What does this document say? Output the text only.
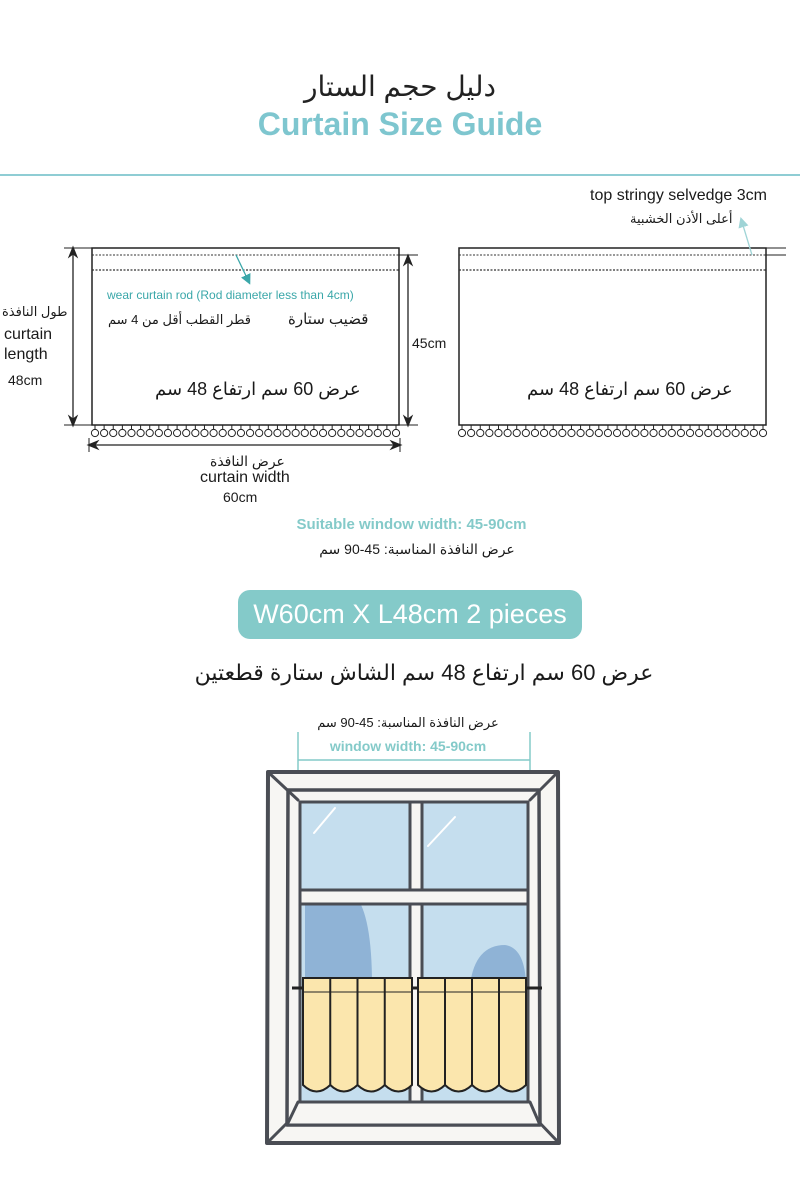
دليل حجم الستار
Curtain Size Guide
طول النافذة
curtain
length
48cm
wear curtain rod (Rod diameter less than 4cm)
قضيب ستارة
قطر القطب أقل من 4 سم
عرض 60 سم ارتفاع 48 سم
45cm
عرض النافذة
curtain width
60cm
top stringy selvedge 3cm
أعلى الأذن الخشبية
عرض 60 سم ارتفاع 48 سم
Suitable window width: 45-90cm
عرض النافذة المناسبة: 45-90 سم
W60cm X L48cm 2 pieces
عرض 60 سم ارتفاع 48 سم الشاش ستارة قطعتين
عرض النافذة المناسبة: 45-90 سم
window width: 45-90cm
